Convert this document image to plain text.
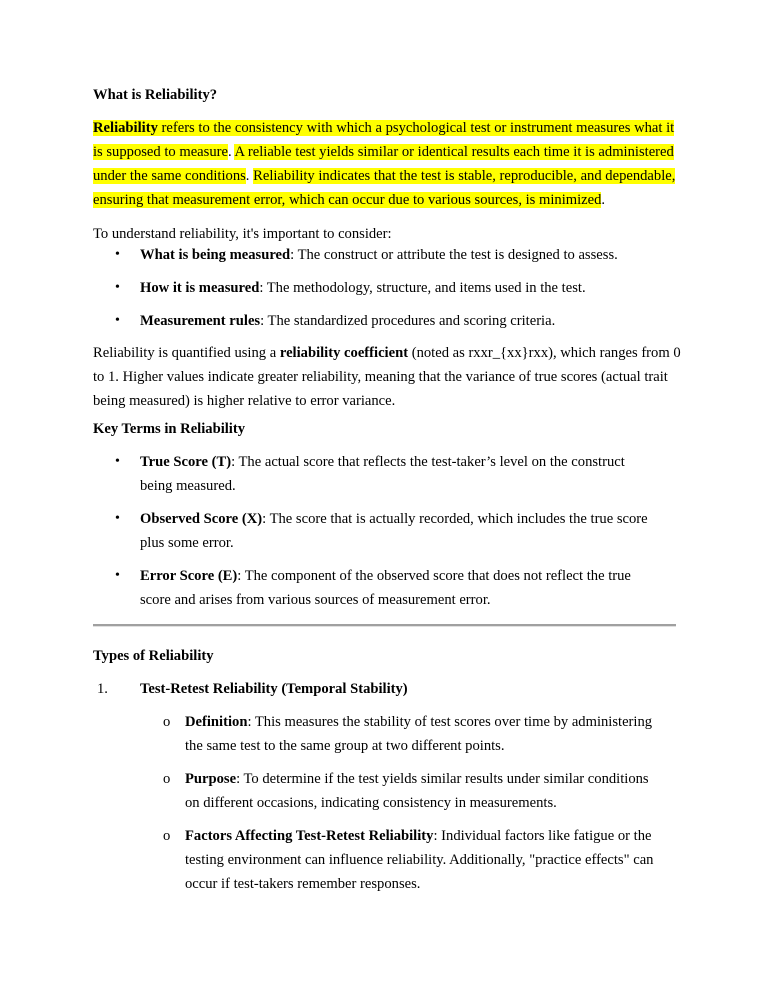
What is Reliability?

Reliability refers to the consistency with which a psychological test or instrument measures what it is supposed to measure. A reliable test yields similar or identical results each time it is administered under the same conditions. Reliability indicates that the test is stable, reproducible, and dependable, ensuring that measurement error, which can occur due to various sources, is minimized.

To understand reliability, it's important to consider:

• What is being measured: The construct or attribute the test is designed to assess.
• How it is measured: The methodology, structure, and items used in the test.
• Measurement rules: The standardized procedures and scoring criteria.

Reliability is quantified using a reliability coefficient (noted as rxxr_{xx}rxx), which ranges from 0 to 1. Higher values indicate greater reliability, meaning that the variance of true scores (actual trait being measured) is higher relative to error variance.

Key Terms in Reliability

• True Score (T): The actual score that reflects the test-taker’s level on the construct being measured.
• Observed Score (X): The score that is actually recorded, which includes the true score plus some error.
• Error Score (E): The component of the observed score that does not reflect the true score and arises from various sources of measurement error.

Types of Reliability

1. Test-Retest Reliability (Temporal Stability)
o Definition: This measures the stability of test scores over time by administering the same test to the same group at two different points.
o Purpose: To determine if the test yields similar results under similar conditions on different occasions, indicating consistency in measurements.
o Factors Affecting Test-Retest Reliability: Individual factors like fatigue or the testing environment can influence reliability. Additionally, "practice effects" can occur if test-takers remember responses.
